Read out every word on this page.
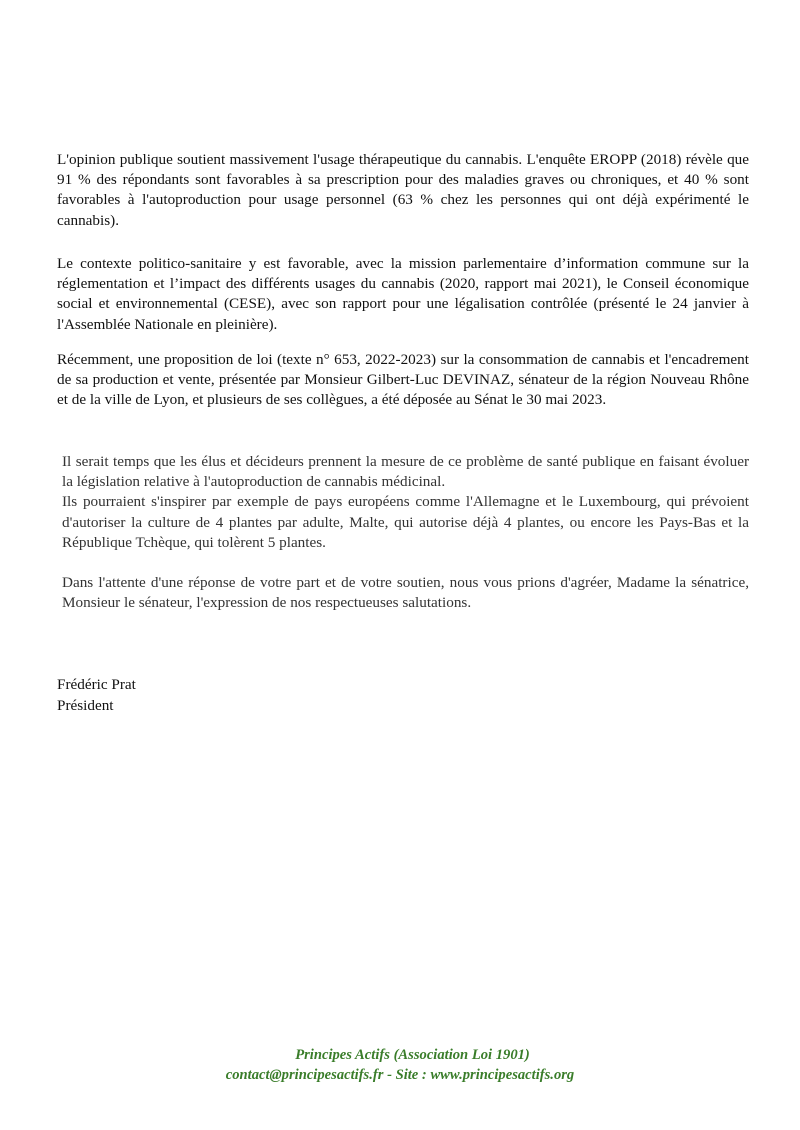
L'opinion publique soutient massivement l'usage thérapeutique du cannabis. L'enquête EROPP (2018) révèle que 91 % des répondants sont favorables à sa prescription pour des maladies graves ou chroniques, et 40 % sont favorables à l'autoproduction pour usage personnel (63 % chez les personnes qui ont déjà expérimenté le cannabis).

Le contexte politico-sanitaire y est favorable, avec la mission parlementaire d’information commune sur la réglementation et l’impact des différents usages du cannabis (2020, rapport mai 2021), le Conseil économique social et environnemental (CESE), avec son rapport pour une légalisation contrôlée (présenté le 24 janvier à l'Assemblée Nationale en pleinière).

Récemment, une proposition de loi (texte n° 653, 2022-2023) sur la consommation de cannabis et l'encadrement de sa production et vente, présentée par Monsieur Gilbert-Luc DEVINAZ, sénateur de la région Nouveau Rhône et de la ville de Lyon, et plusieurs de ses collègues, a été déposée au Sénat le 30 mai 2023.

Il serait temps que les élus et décideurs prennent la mesure de ce problème de santé publique en faisant évoluer la législation relative à l'autoproduction de cannabis médicinal.
Ils pourraient s'inspirer par exemple de pays européens comme l'Allemagne et le Luxembourg, qui prévoient d'autoriser la culture de 4 plantes par adulte, Malte, qui autorise déjà 4 plantes, ou encore les Pays-Bas et la République Tchèque, qui tolèrent 5 plantes.

Dans l'attente d'une réponse de votre part et de votre soutien, nous vous prions d'agréer, Madame la sénatrice, Monsieur le sénateur, l'expression de nos respectueuses salutations.

Frédéric Prat
Président
Principes Actifs (Association Loi 1901)
contact@principesactifs.fr - Site : www.principesactifs.org
